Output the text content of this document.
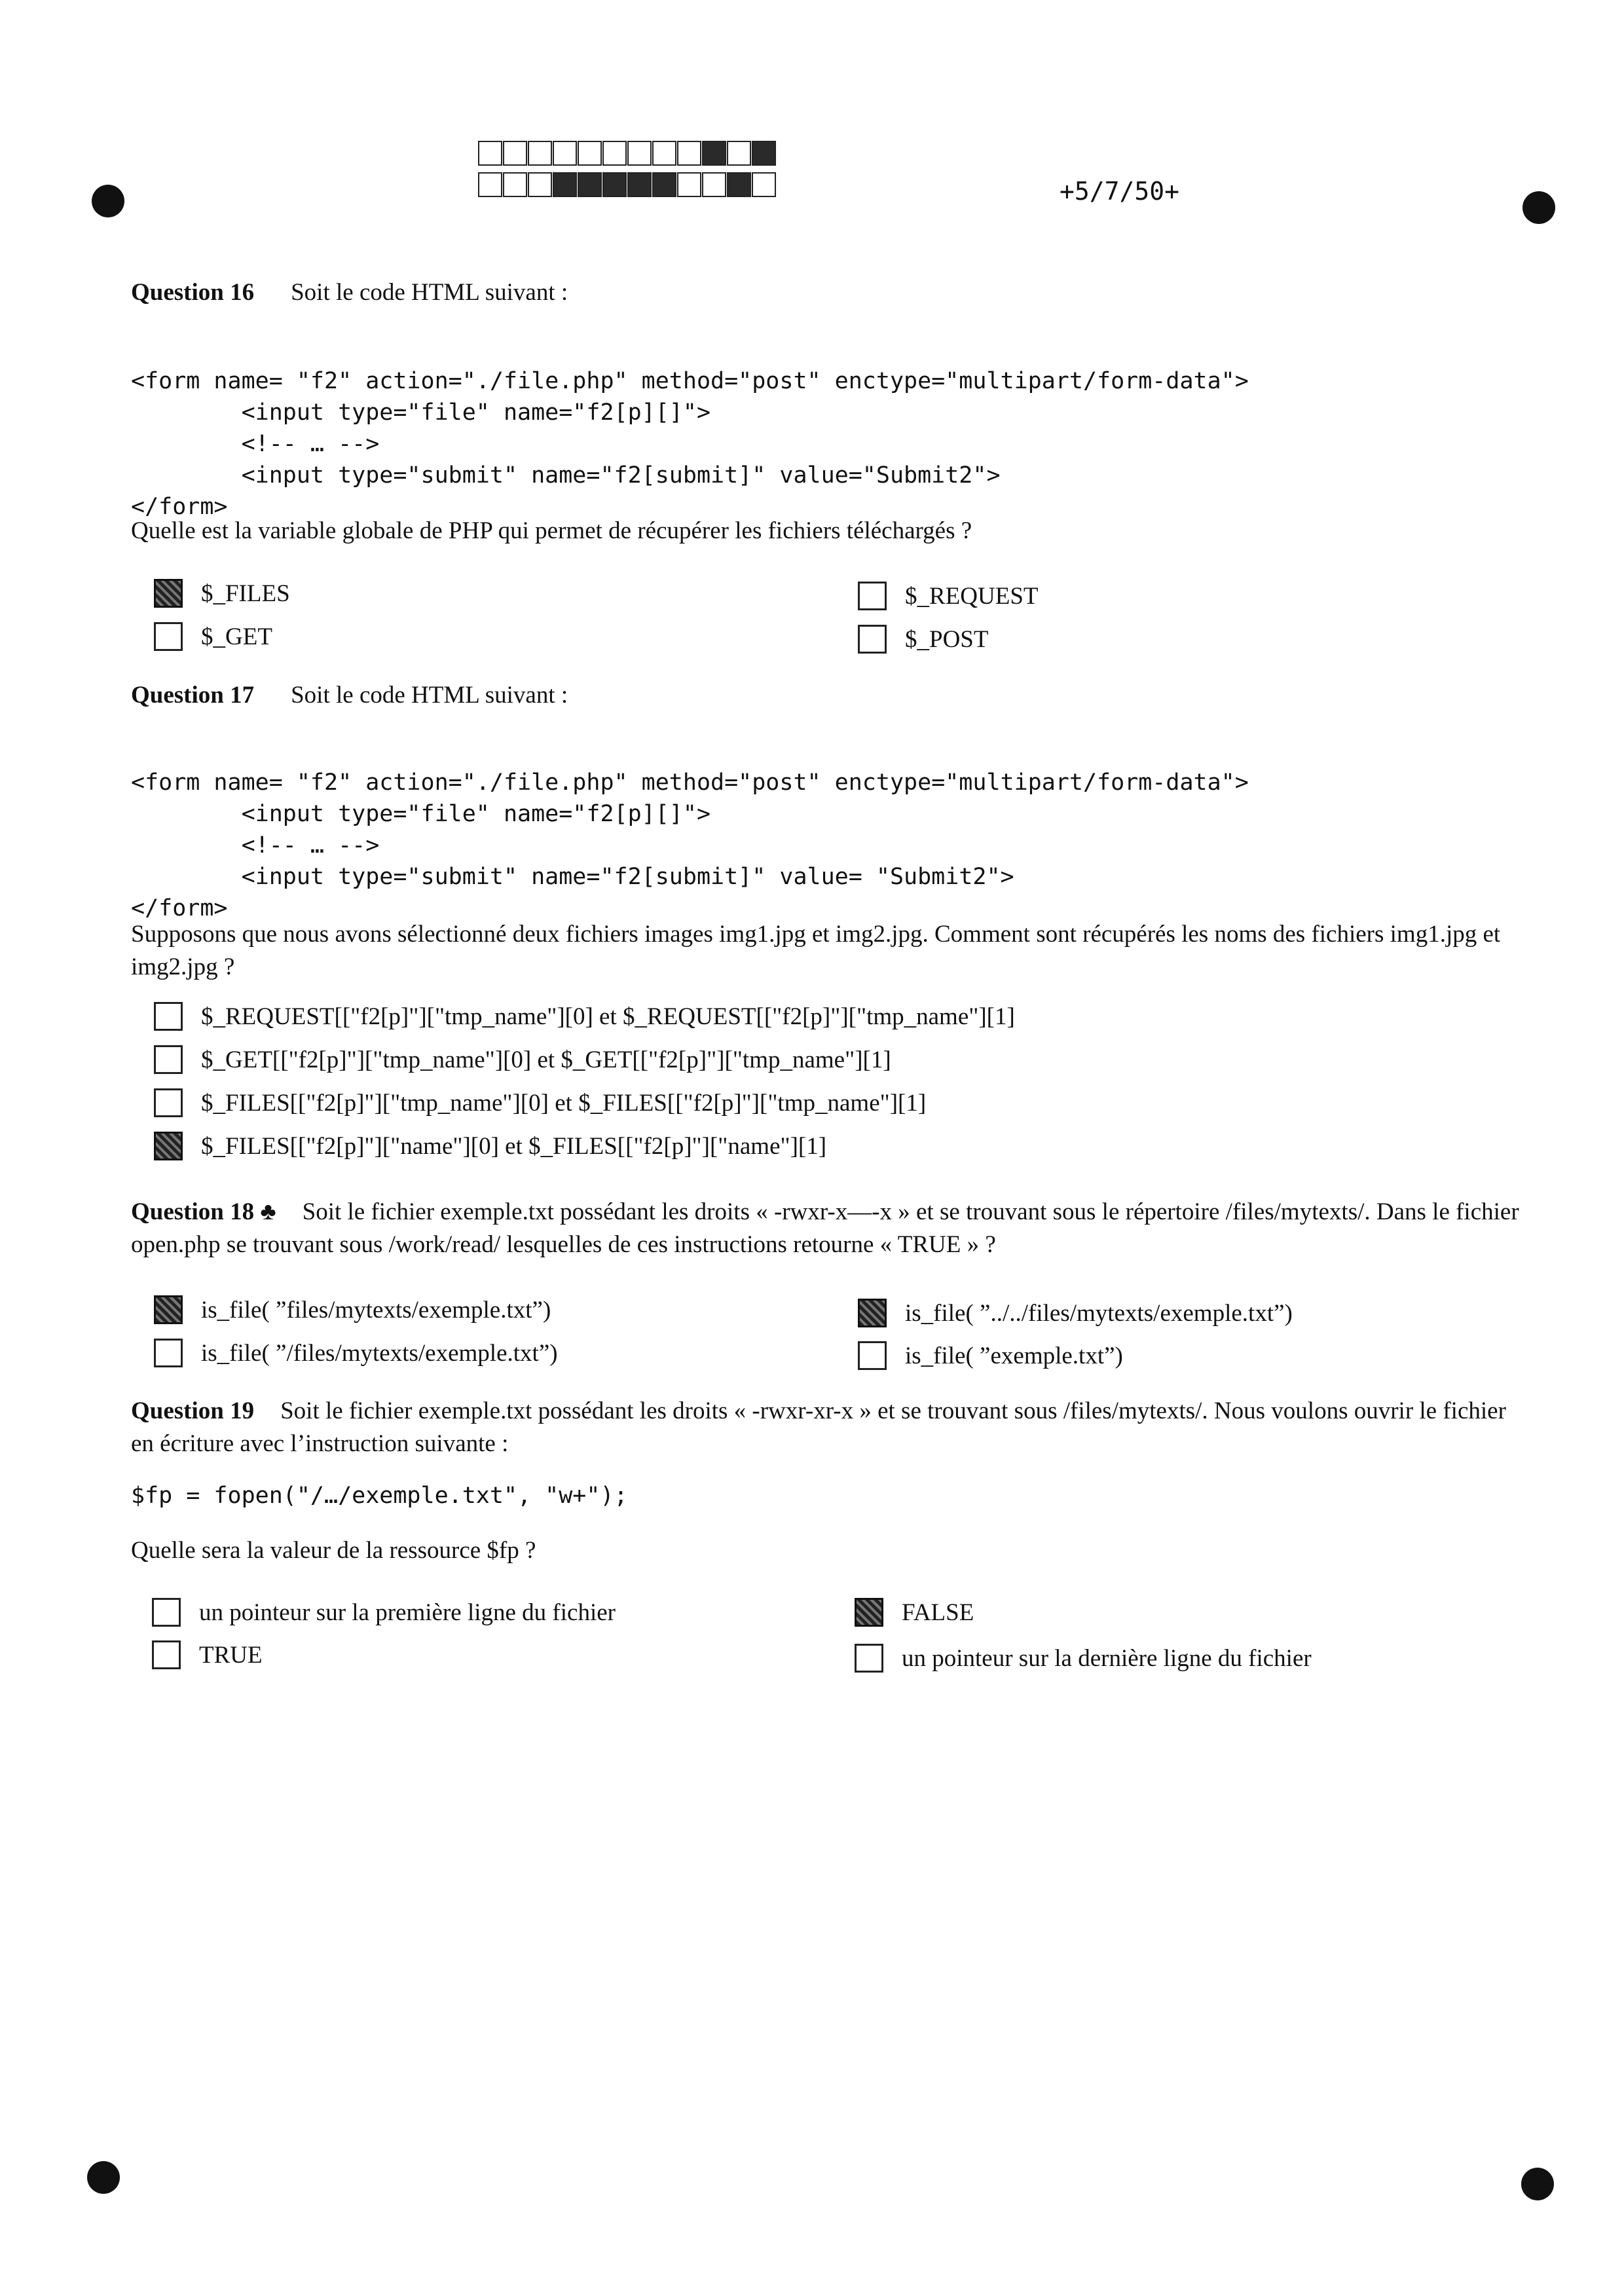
+5/7/50+
Question 16 Soit le code HTML suivant :

<form name= "f2" action="./file.php" method="post" enctype="multipart/form-data">
<input type="file" name="f2[p][]">
<!-- … -->
<input type="submit" name="f2[submit]" value="Submit2">
</form>

Quelle est la variable globale de PHP qui permet de récupérer les fichiers téléchargés ?
$_FILES	$_REQUEST
$_GET	$_POST
Question 17 Soit le code HTML suivant :

<form name= "f2" action="./file.php" method="post" enctype="multipart/form-data">
<input type="file" name="f2[p][]">
<!-- … -->
<input type="submit" name="f2[submit]" value= "Submit2">
</form>

Supposons que nous avons sélectionné deux fichiers images img1.jpg et img2.jpg. Comment sont récupérés les noms des fichiers img1.jpg et img2.jpg ?
$_REQUEST[["f2[p]"]["tmp_name"][0] et $_REQUEST[["f2[p]"]["tmp_name"][1]
$_GET[["f2[p]"]["tmp_name"][0] et $_GET[["f2[p]"]["tmp_name"][1]
$_FILES[["f2[p]"]["tmp_name"][0] et $_FILES[["f2[p]"]["tmp_name"][1]
$_FILES[["f2[p]"]["name"][0] et $_FILES[["f2[p]"]["name"][1]
Question 18 ♣ Soit le fichier exemple.txt possédant les droits « -rwxr-x—-x » et se trouvant sous le répertoire /files/mytexts/. Dans le fichier open.php se trouvant sous /work/read/ lesquelles de ces instructions retourne « TRUE » ?
is_file( ”files/mytexts/exemple.txt”)	is_file( ”../../files/mytexts/exemple.txt”)
is_file( ”/files/mytexts/exemple.txt”)	is_file( ”exemple.txt”)
Question 19 Soit le fichier exemple.txt possédant les droits « -rwxr-xr-x » et se trouvant sous /files/mytexts/. Nous voulons ouvrir le fichier en écriture avec l’instruction suivante :
$fp = fopen("/…/exemple.txt", "w+");
Quelle sera la valeur de la ressource $fp ?
un pointeur sur la première ligne du fichier	FALSE
TRUE	un pointeur sur la dernière ligne du fichier
